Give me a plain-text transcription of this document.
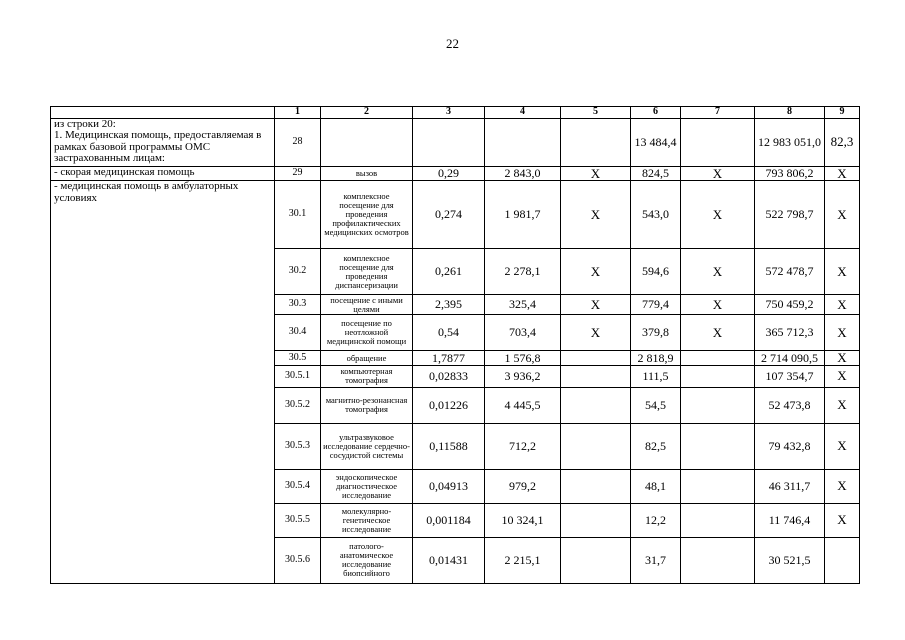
22
	1	2	3	4	5	6	7	8	9
из строки 20:
1. Медицинская помощь, предоставляемая в рамках базовой программы ОМС застрахованным лицам:	28					13 484,4		12 983 051,0	82,3
- скорая медицинская помощь	29	вызов	0,29	2 843,0	X	824,5	X	793 806,2	X
- медицинская помощь в амбулаторных условиях	30.1	комплексное посещение для проведения профилактических медицинских осмотров	0,274	1 981,7	X	543,0	X	522 798,7	X
	30.2	комплексное посещение для проведения диспансеризации	0,261	2 278,1	X	594,6	X	572 478,7	X
	30.3	посещение с иными целями	2,395	325,4	X	779,4	X	750 459,2	X
	30.4	посещение по неотложной медицинской помощи	0,54	703,4	X	379,8	X	365 712,3	X
	30.5	обращение	1,7877	1 576,8		2 818,9		2 714 090,5	X
	30.5.1	компьютерная томография	0,02833	3 936,2		111,5		107 354,7	X
	30.5.2	магнитно-резонансная томография	0,01226	4 445,5		54,5		52 473,8	X
	30.5.3	ультразвуковое исследование сердечно-сосудистой системы	0,11588	712,2		82,5		79 432,8	X
	30.5.4	эндоскопическое диагностическое исследование	0,04913	979,2		48,1		46 311,7	X
	30.5.5	молекулярно-генетическое исследование	0,001184	10 324,1		12,2		11 746,4	X
	30.5.6	патолого-анатомическое исследование биопсийного	0,01431	2 215,1		31,7		30 521,5	
